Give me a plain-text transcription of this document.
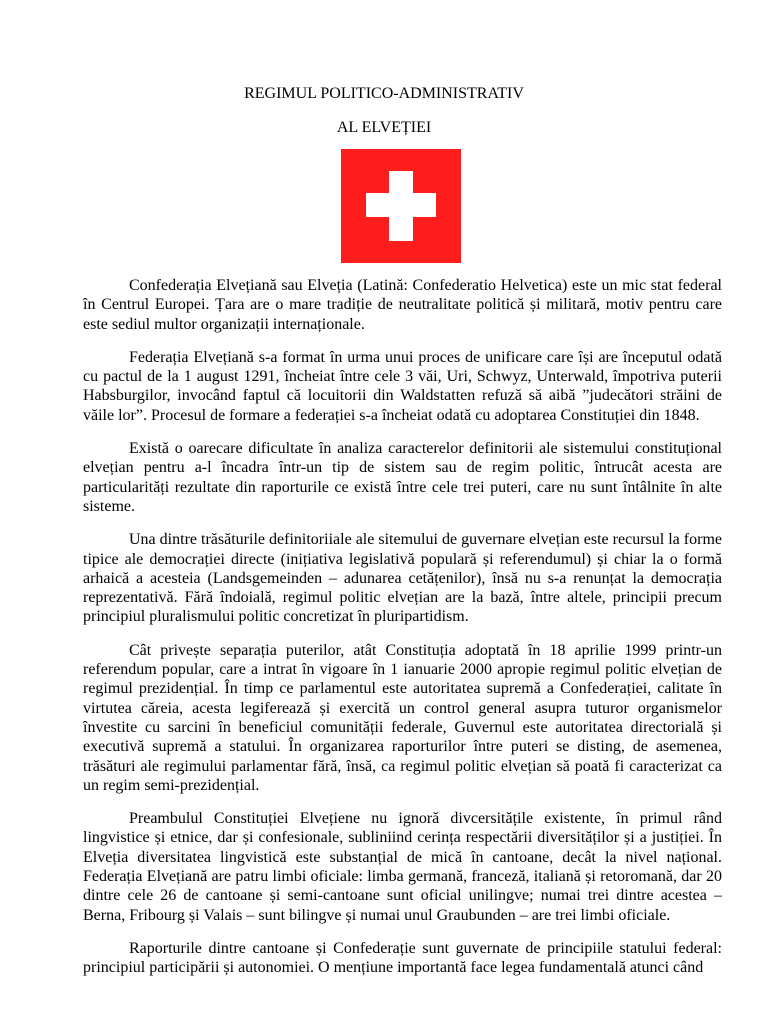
REGIMUL POLITICO-ADMINISTRATIV
AL ELVEȚIEI

Confederația Elvețiană sau Elveția (Latină: Confederatio Helvetica) este un mic stat federal în Centrul Europei. Țara are o mare tradiție de neutralitate politică și militară, motiv pentru care este sediul multor organizații internaționale.

Federația Elvețiană s-a format în urma unui proces de unificare care își are începutul odată cu pactul de la 1 august 1291, încheiat între cele 3 văi, Uri, Schwyz, Unterwald, împotriva puterii Habsburgilor, invocând faptul că locuitorii din Waldstatten refuză să aibă ”judecători străini de văile lor”. Procesul de formare a federației s-a încheiat odată cu adoptarea Constituției din 1848.

Există o oarecare dificultate în analiza caracterelor definitorii ale sistemului constituțional elvețian pentru a-l încadra într-un tip de sistem sau de regim politic, întrucât acesta are particularități rezultate din raporturile ce există între cele trei puteri, care nu sunt întâlnite în alte sisteme.

Una dintre trăsăturile definitoriiale ale sitemului de guvernare elvețian este recursul la forme tipice ale democrației directe (inițiativa legislativă populară și referendumul) și chiar la o formă arhaică a acesteia (Landsgemeinden – adunarea cetățenilor), însă nu s-a renunțat la democrația reprezentativă. Fără îndoială, regimul politic elvețian are la bază, între altele, principii precum principiul pluralismului politic concretizat în pluripartidism.

Cât privește separația puterilor, atât Constituția adoptată în 18 aprilie 1999 printr-un referendum popular, care a intrat în vigoare în 1 ianuarie 2000 apropie regimul politic elvețian de regimul prezidențial. În timp ce parlamentul este autoritatea supremă a Confederației, calitate în virtutea căreia, acesta legiferează și exercită un control general asupra tuturor organismelor învestite cu sarcini în beneficiul comunității federale, Guvernul este autoritatea directorială și executivă supremă a statului. În organizarea raporturilor între puteri se disting, de asemenea, trăsături ale regimului parlamentar fără, însă, ca regimul politic elvețian să poată fi caracterizat ca un regim semi-prezidențial.

Preambulul Constituției Elvețiene nu ignoră divcersitățile existente, în primul rând lingvistice și etnice, dar și confesionale, subliniind cerința respectării diversităților și a justiției. În Elveția diversitatea lingvistică este substanțial de mică în cantoane, decât la nivel național. Federația Elvețiană are patru limbi oficiale: limba germană, franceză, italiană și retoromană, dar 20 dintre cele 26 de cantoane și semi-cantoane sunt oficial unilingve; numai trei dintre acestea – Berna, Fribourg și Valais – sunt bilingve și numai unul Graubunden – are trei limbi oficiale.

Raporturile dintre cantoane și Confederație sunt guvernate de principiile statului federal: principiul participării și autonomiei. O mențiune importantă face legea fundamentală atunci când
